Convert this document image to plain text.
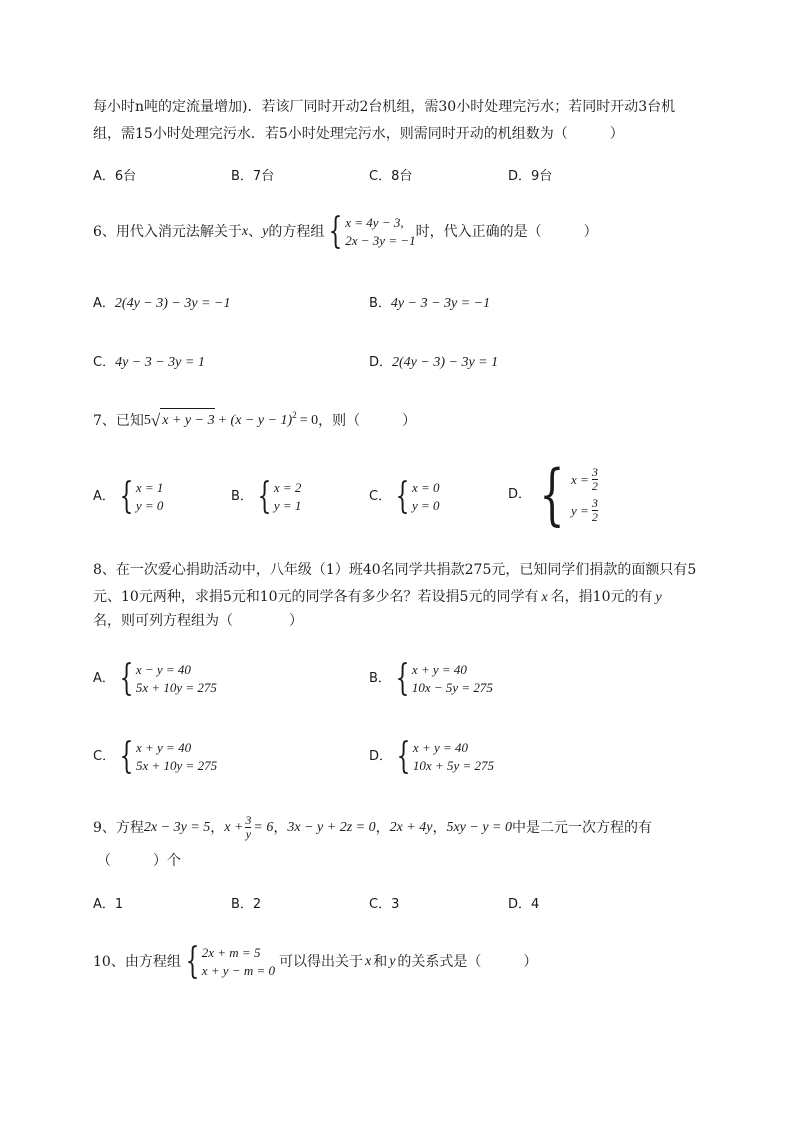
每小时n吨的定流量增加)．若该厂同时开动2台机组，需30小时处理完污水；若同时开动3台机
组，需15小时处理完污水．若5小时处理完污水，则需同时开动的机组数为（　　　）
A．6台	B．7台	C．8台	D．9台
6、用代入消元法解关于 x 、 y 的方程组 { x = 4y − 3,
2x − 3y = −1
时，代入正确的是（　　　）
A．2(4y − 3) − 3y = −1	B．4y − 3 − 3y = −1
C．4y − 3 − 3y = 1	D．2(4y − 3) − 3y = 1
7、已知 5 √ $x + y - 3 + (x - y - 1)^2 = 0$ ，则（　　　）
A． { x = 1
y = 0
B． { x = 2
y = 1
C． { x = 0
y = 0
D． { $x = \frac{3}{2}$
$y = \frac{3}{2}$
8、在一次爱心捐助活动中，八年级（1）班40名同学共捐款275元，已知同学们捐款的面额只有5
元、10元两种，求捐5元和10元的同学各有多少名？若设捐5元的同学有 x 名，捐10元的有 y
名，则可列方程组为（　　　　）
A． { x − y = 40
5x + 10y = 275
B． { x + y = 40
10x − 5y = 275
C． { x + y = 40
5x + 10y = 275
D． { x + y = 40
10x + 5y = 275
9、方程 2x − 3y = 5 ， $x + \frac{3}{y} = 6$ ， 3x − y + 2z = 0 ， 2x + 4y ， 5xy − y = 0 中是二元一次方程的有
（　　　）个
A．1	B．2	C．3	D．4
10、由方程组 { 2x + m = 5
x + y − m = 0
可以得出关于 x 和 y 的关系式是（　　　）
